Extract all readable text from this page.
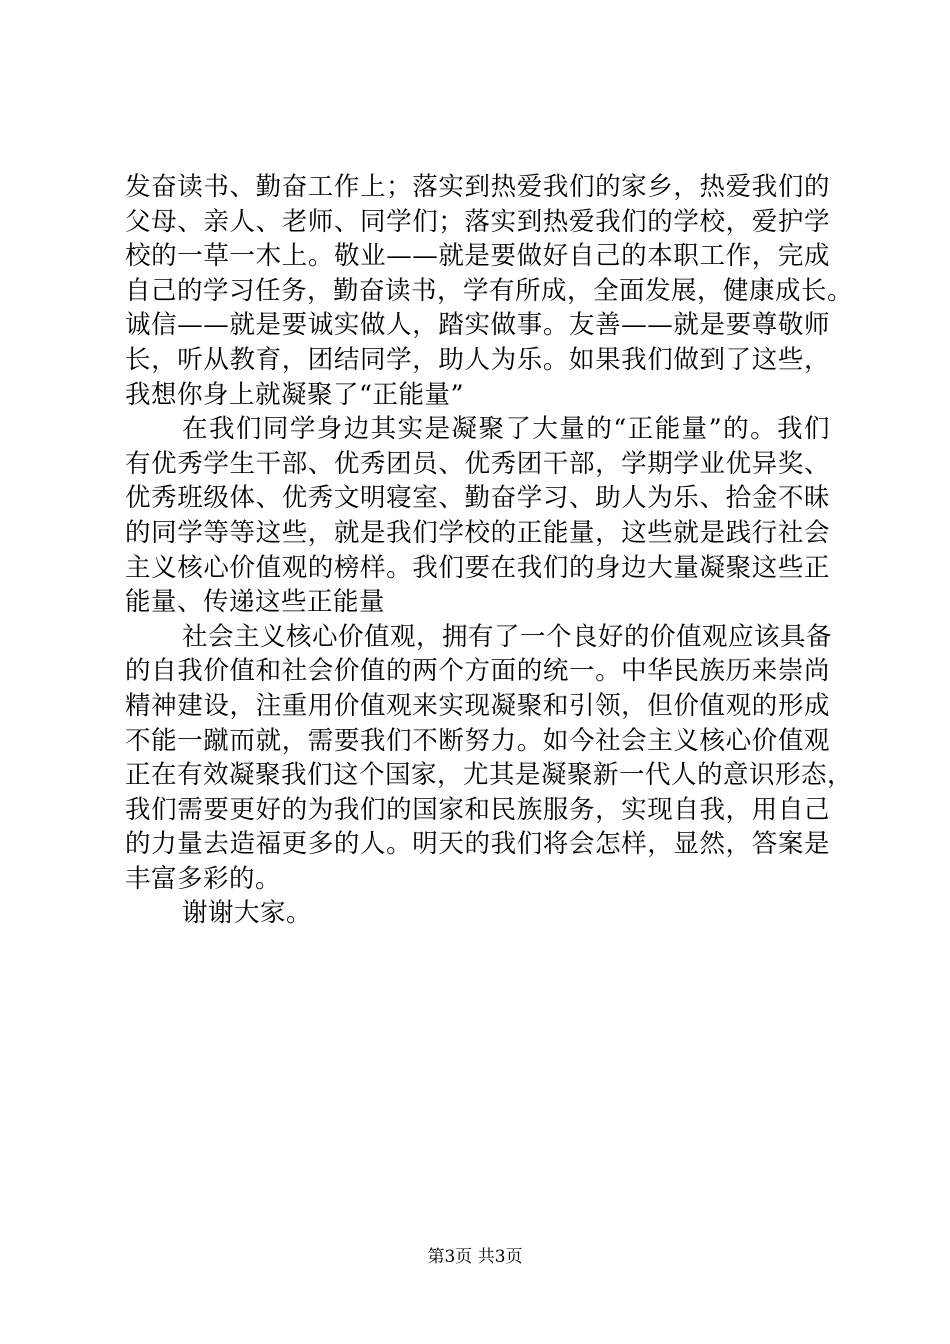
发奋读书、勤奋工作上；落实到热爱我们的家乡，热爱我们的
父母、亲人、老师、同学们；落实到热爱我们的学校，爱护学
校的一草一木上。敬业——就是要做好自己的本职工作，完成
自己的学习任务，勤奋读书，学有所成，全面发展，健康成长。
诚信——就是要诚实做人，踏实做事。友善——就是要尊敬师
长，听从教育，团结同学，助人为乐。如果我们做到了这些，
我想你身上就凝聚了“正能量”
在我们同学身边其实是凝聚了大量的“正能量”的。我们
有优秀学生干部、优秀团员、优秀团干部，学期学业优异奖、
优秀班级体、优秀文明寝室、勤奋学习、助人为乐、拾金不昧
的同学等等这些，就是我们学校的正能量，这些就是践行社会
主义核心价值观的榜样。我们要在我们的身边大量凝聚这些正
能量、传递这些正能量
社会主义核心价值观，拥有了一个良好的价值观应该具备
的自我价值和社会价值的两个方面的统一。中华民族历来崇尚
精神建设，注重用价值观来实现凝聚和引领，但价值观的形成
不能一蹴而就，需要我们不断努力。如今社会主义核心价值观
正在有效凝聚我们这个国家，尤其是凝聚新一代人的意识形态，
我们需要更好的为我们的国家和民族服务，实现自我，用自己
的力量去造福更多的人。明天的我们将会怎样，显然，答案是
丰富多彩的。
谢谢大家。
第3页 共3页
